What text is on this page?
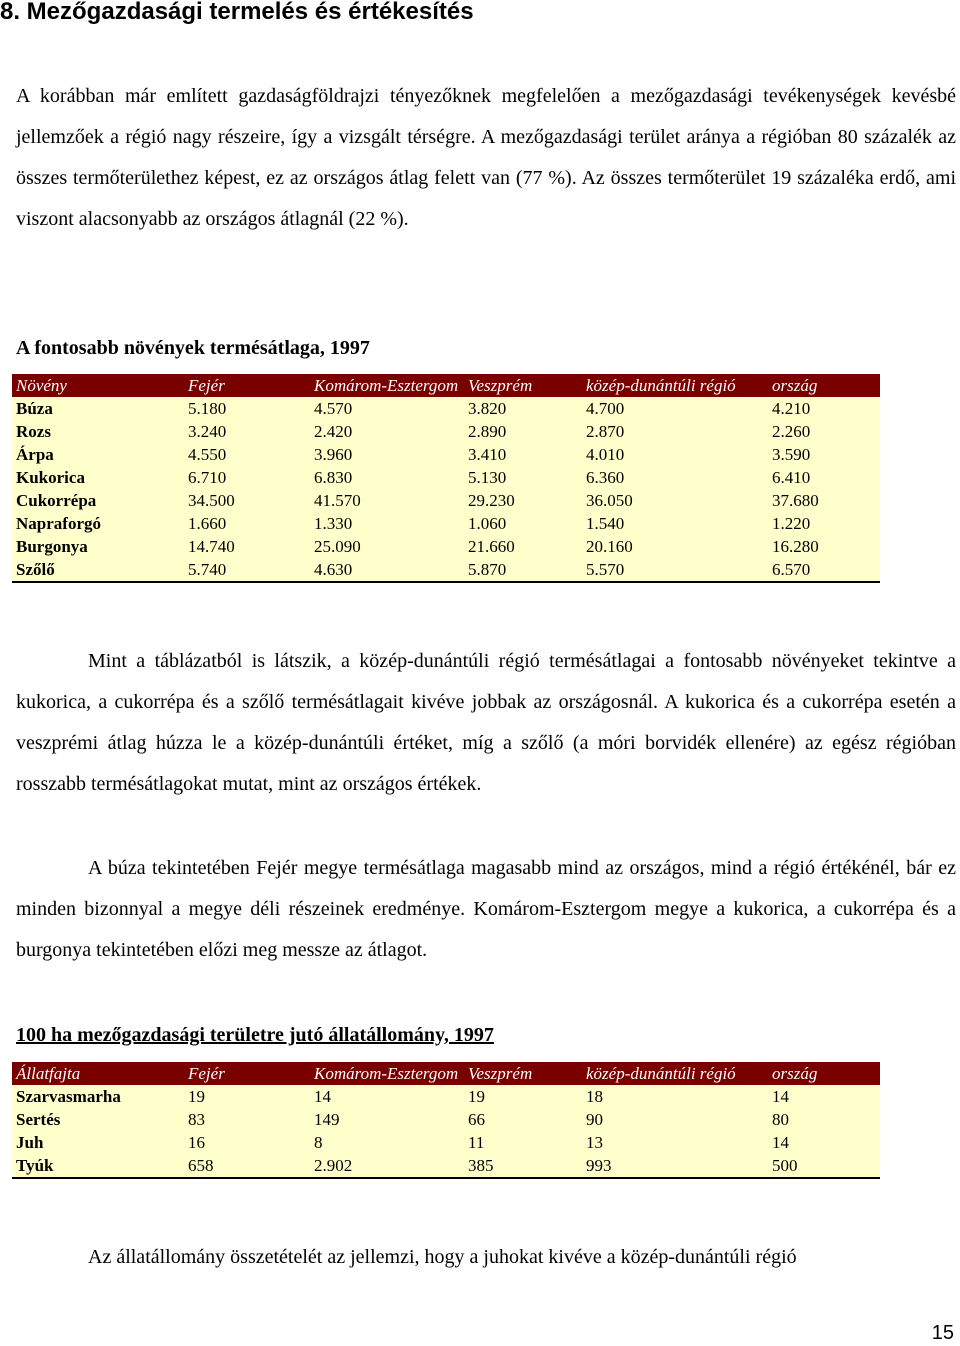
8. Mezőgazdasági termelés és értékesítés

A korábban már említett gazdaságföldrajzi tényezőknek megfelelően a mezőgazdasági tevékenységek kevésbé jellemzőek a régió nagy részeire, így a vizsgált térségre. A mezőgazdasági terület aránya a régióban 80 százalék az összes termőterülethez képest, ez az országos átlag felett van (77 %). Az összes termőterület 19 százaléka erdő, ami viszont alacsonyabb az országos átlagnál (22 %).

A fontosabb növények termésátlaga, 1997
Növény	Fejér	Komárom-Esztergom	Veszprém	közép-dunántúli régió	ország
Búza	5.180	4.570	3.820	4.700	4.210
Rozs	3.240	2.420	2.890	2.870	2.260
Árpa	4.550	3.960	3.410	4.010	3.590
Kukorica	6.710	6.830	5.130	6.360	6.410
Cukorrépa	34.500	41.570	29.230	36.050	37.680
Napraforgó	1.660	1.330	1.060	1.540	1.220
Burgonya	14.740	25.090	21.660	20.160	16.280
Szőlő	5.740	4.630	5.870	5.570	6.570

Mint a táblázatból is látszik, a közép-dunántúli régió termésátlagai a fontosabb növényeket tekintve a kukorica, a cukorrépa és a szőlő termésátlagait kivéve jobbak az országosnál. A kukorica és a cukorrépa esetén a veszprémi átlag húzza le a közép-dunántúli értéket, míg a szőlő (a móri borvidék ellenére) az egész régióban rosszabb termésátlagokat mutat, mint az országos értékek.

A búza tekintetében Fejér megye termésátlaga magasabb mind az országos, mind a régió értékénél, bár ez minden bizonnyal a megye déli részeinek eredménye. Komárom-Esztergom megye a kukorica, a cukorrépa és a burgonya tekintetében előzi meg messze az átlagot.

100 ha mezőgazdasági területre jutó állatállomány, 1997
Állatfajta	Fejér	Komárom-Esztergom	Veszprém	közép-dunántúli régió	ország
Szarvasmarha	19	14	19	18	14
Sertés	83	149	66	90	80
Juh	16	8	11	13	14
Tyúk	658	2.902	385	993	500

Az állatállomány összetételét az jellemzi, hogy a juhokat kivéve a közép-dunántúli régió

15
